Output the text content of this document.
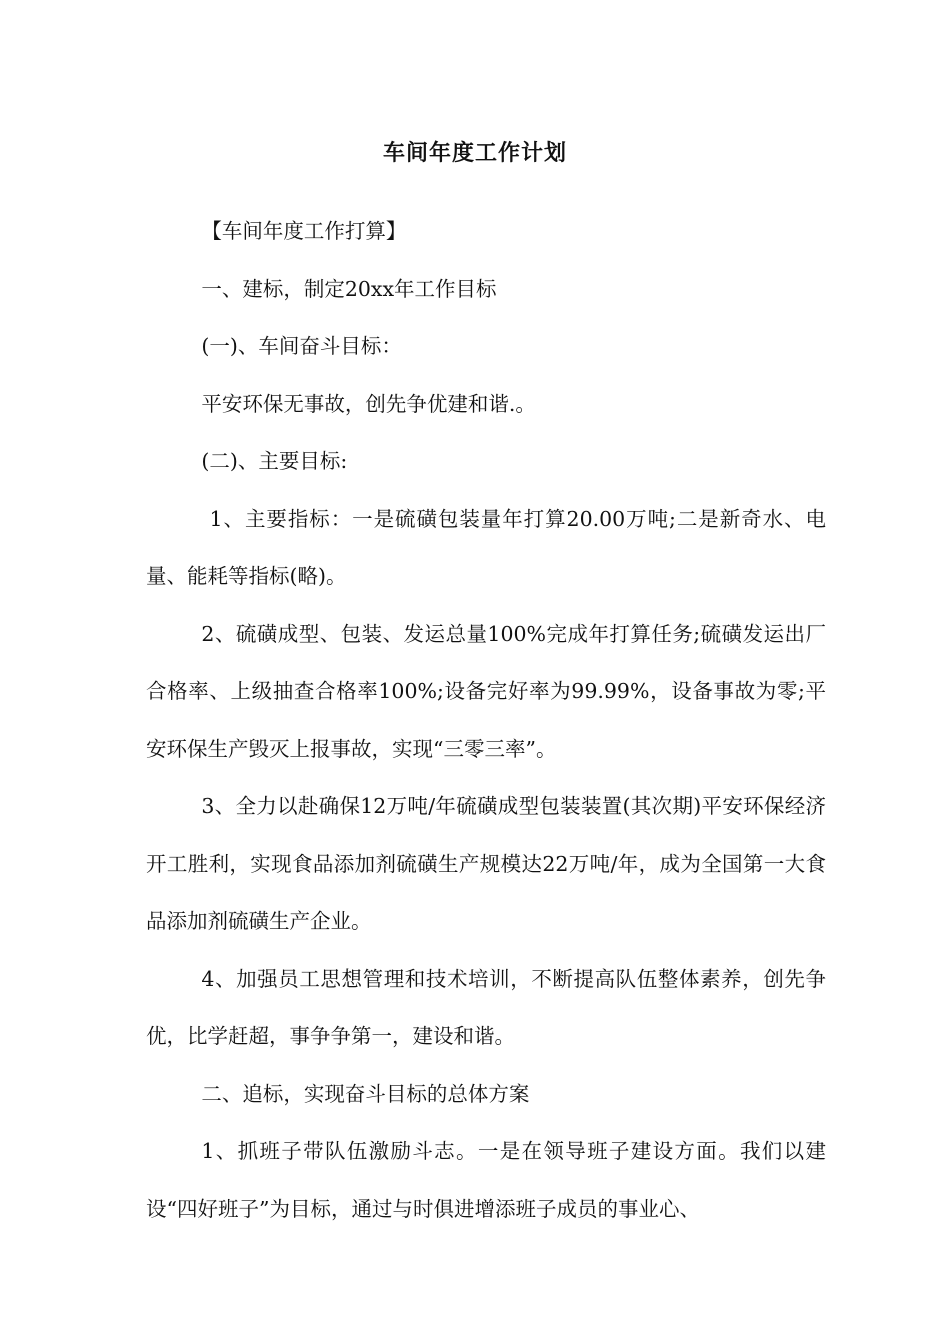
车间年度工作计划

【车间年度工作打算】

一、建标，制定20xx年工作目标

(一)、车间奋斗目标：

平安环保无事故，创先争优建和谐.。

(二)、主要目标:

1、主要指标：一是硫磺包装量年打算20.00万吨;二是新奇水、电量、能耗等指标(略)。

2、硫磺成型、包装、发运总量100%完成年打算任务;硫磺发运出厂合格率、上级抽查合格率100%;设备完好率为99.99%，设备事故为零;平安环保生产毁灭上报事故，实现“三零三率”。

3、全力以赴确保12万吨/年硫磺成型包装装置(其次期)平安环保经济开工胜利，实现食品添加剂硫磺生产规模达22万吨/年，成为全国第一大食品添加剂硫磺生产企业。

4、加强员工思想管理和技术培训，不断提高队伍整体素养，创先争优，比学赶超，事争争第一，建设和谐。

二、追标，实现奋斗目标的总体方案

1、抓班子带队伍激励斗志。一是在领导班子建设方面。我们以建设“四好班子”为目标，通过与时俱进增添班子成员的事业心、
